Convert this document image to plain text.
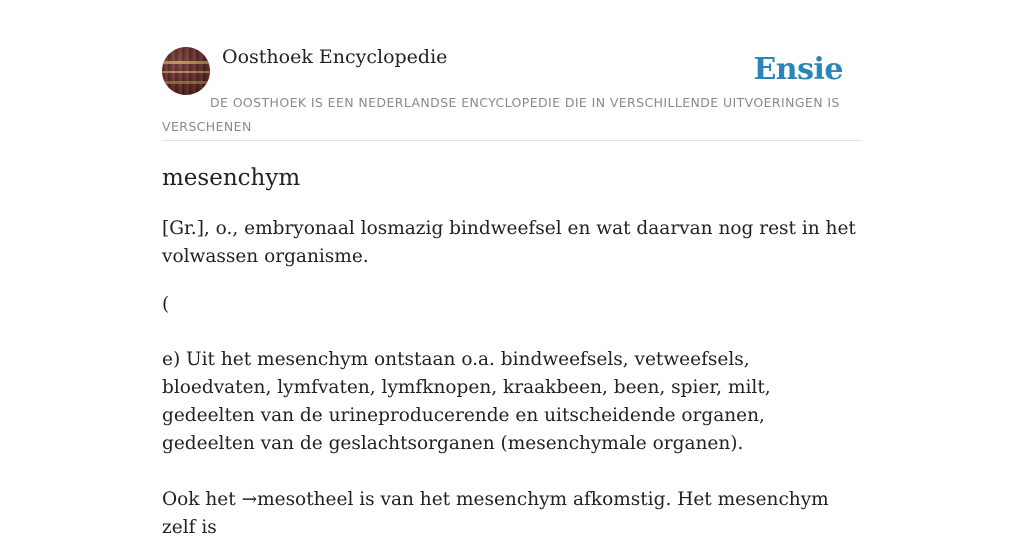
Oosthoek Encyclopedie	Ensie
DE OOSTHOEK IS EEN NEDERLANDSE ENCYCLOPEDIE DIE IN VERSCHILLENDE UITVOERINGEN IS VERSCHENEN
mesenchym

[Gr.], o., embryonaal losmazig bindweefsel en wat daarvan nog rest in het volwassen organisme.

(

e) Uit het mesenchym ontstaan o.a. bindweefsels, vetweefsels, bloedvaten, lymfvaten, lymfknopen, kraakbeen, been, spier, milt, gedeelten van de urineproducerende en uitscheidende organen, gedeelten van de geslachtsorganen (mesenchymale organen).

Ook het →mesotheel is van het mesenchym afkomstig. Het mesenchym zelf is
